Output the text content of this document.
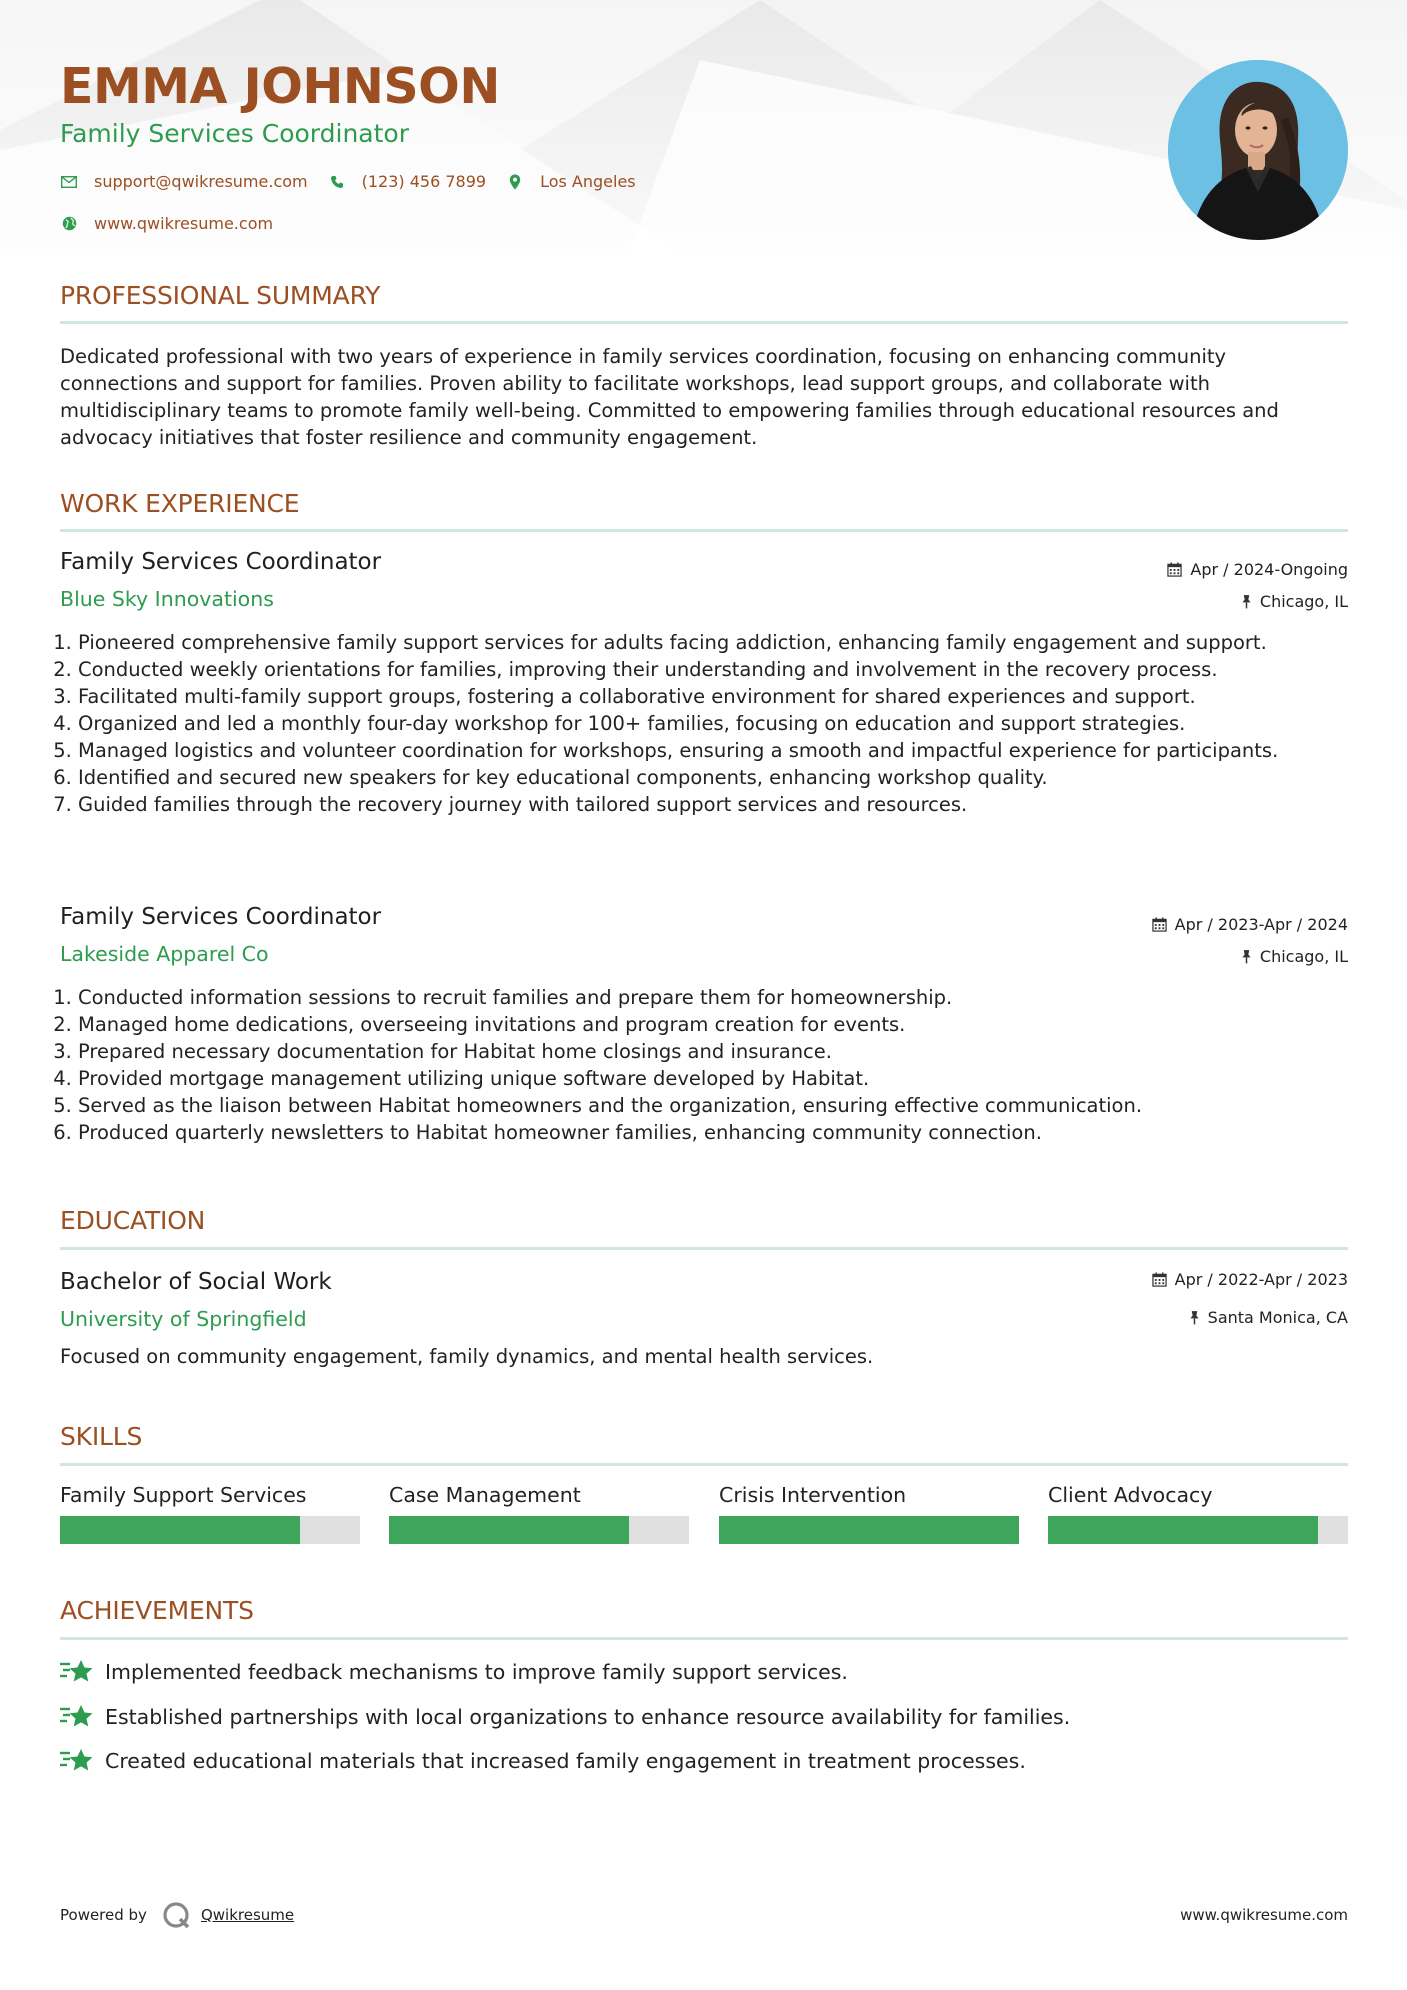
EMMA JOHNSON
Family Services Coordinator
support@qwikresume.com	(123) 456 7899	Los Angeles
www.qwikresume.com
PROFESSIONAL SUMMARY
Dedicated professional with two years of experience in family services coordination, focusing on enhancing community connections and support for families. Proven ability to facilitate workshops, lead support groups, and collaborate with multidisciplinary teams to promote family well-being. Committed to empowering families through educational resources and advocacy initiatives that foster resilience and community engagement.
WORK EXPERIENCE
Family Services Coordinator	Apr / 2024-Ongoing
Blue Sky Innovations	Chicago, IL
1. Pioneered comprehensive family support services for adults facing addiction, enhancing family engagement and support.
2. Conducted weekly orientations for families, improving their understanding and involvement in the recovery process.
3. Facilitated multi-family support groups, fostering a collaborative environment for shared experiences and support.
4. Organized and led a monthly four-day workshop for 100+ families, focusing on education and support strategies.
5. Managed logistics and volunteer coordination for workshops, ensuring a smooth and impactful experience for participants.
6. Identified and secured new speakers for key educational components, enhancing workshop quality.
7. Guided families through the recovery journey with tailored support services and resources.
Family Services Coordinator	Apr / 2023-Apr / 2024
Lakeside Apparel Co	Chicago, IL
1. Conducted information sessions to recruit families and prepare them for homeownership.
2. Managed home dedications, overseeing invitations and program creation for events.
3. Prepared necessary documentation for Habitat home closings and insurance.
4. Provided mortgage management utilizing unique software developed by Habitat.
5. Served as the liaison between Habitat homeowners and the organization, ensuring effective communication.
6. Produced quarterly newsletters to Habitat homeowner families, enhancing community connection.
EDUCATION
Bachelor of Social Work	Apr / 2022-Apr / 2023
University of Springfield	Santa Monica, CA
Focused on community engagement, family dynamics, and mental health services.
SKILLS
Family Support Services	Case Management	Crisis Intervention	Client Advocacy
ACHIEVEMENTS
Implemented feedback mechanisms to improve family support services.
Established partnerships with local organizations to enhance resource availability for families.
Created educational materials that increased family engagement in treatment processes.
Powered by	Qwikresume	www.qwikresume.com
